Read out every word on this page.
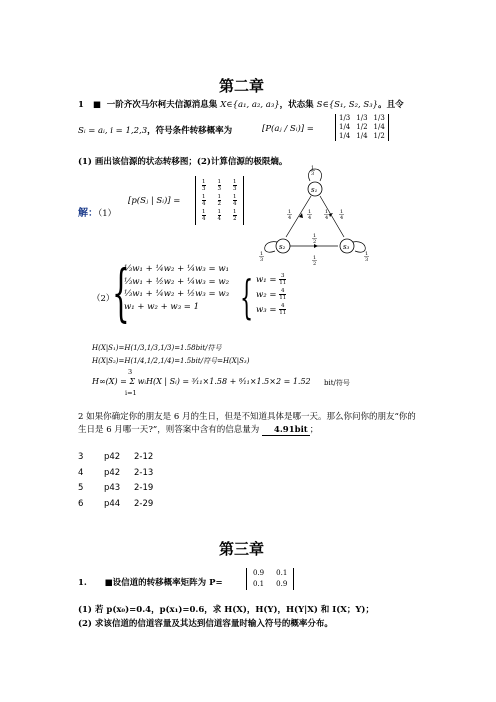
第二章
1 ■ 一阶齐次马尔柯夫信源消息集 X∈{a₁, a₂, a₃}，状态集 S∈{S₁, S₂, S₃}。且令
Sᵢ = aᵢ, i = 1,2,3，符号条件转移概率为	[P(aⱼ / Sᵢ)] =
1/3	1/3	1/3
1/4	1/2	1/4
1/4	1/4	1/2
(1) 画出该信源的状态转移图；(2)计算信源的极限熵。
解：（1）
[p(Sⱼ | Sᵢ)] =
$\frac{1}{3}$	$\frac{1}{3}$	$\frac{1}{3}$

$\frac{1}{4}$	$\frac{1}{2}$	$\frac{1}{4}$

$\frac{1}{4}$	$\frac{1}{4}$	$\frac{1}{2}$
s₁
s₂	s₃
1
3
1
3
1
3
1
4
1
4
1
4
1
4
1
2
1
2
（2）
{
⅓w₁ + ¼w₂ + ¼w₃ = w₁
⅓w₁ + ½w₂ + ¼w₃ = w₂
⅓w₁ + ¼w₂ + ½w₃ = w₃
w₁ + w₂ + w₃ = 1 { $w_1 = \frac{3}{11}$
$w_2 = \frac{4}{11}$
$w_3 = \frac{4}{11}$
H(X|S₁)=H(1/3,1/3,1/3)=1.58bit/符号
H(X|S₂)=H(1/4,1/2,1/4)=1.5bit/符号=H(X|S₃)
3
H∞(X) = Σ wᵢH(X | Sᵢ) = ³⁄₁₁×1.58 + ⁸⁄₁₁×1.5×2 = 1.52
i=1
bit/符号
2 如果你确定你的朋友是 6 月的生日，但是不知道具体是哪一天。那么你问你的朋友“你的
生日是 6 月哪一天?”，则答案中含有的信息量为 4.91bit ；
3 p42 2-12
4 p42 2-13
5 p43 2-19
6 p44 2-29
第三章
1. ■设信道的转移概率矩阵为 P=
0.9	0.1
0.1	0.9
(1) 若 p(x₀)=0.4，p(x₁)=0.6，求 H(X)，H(Y)，H(Y|X) 和 I(X；Y)；
(2) 求该信道的信道容量及其达到信道容量时输入符号的概率分布。
